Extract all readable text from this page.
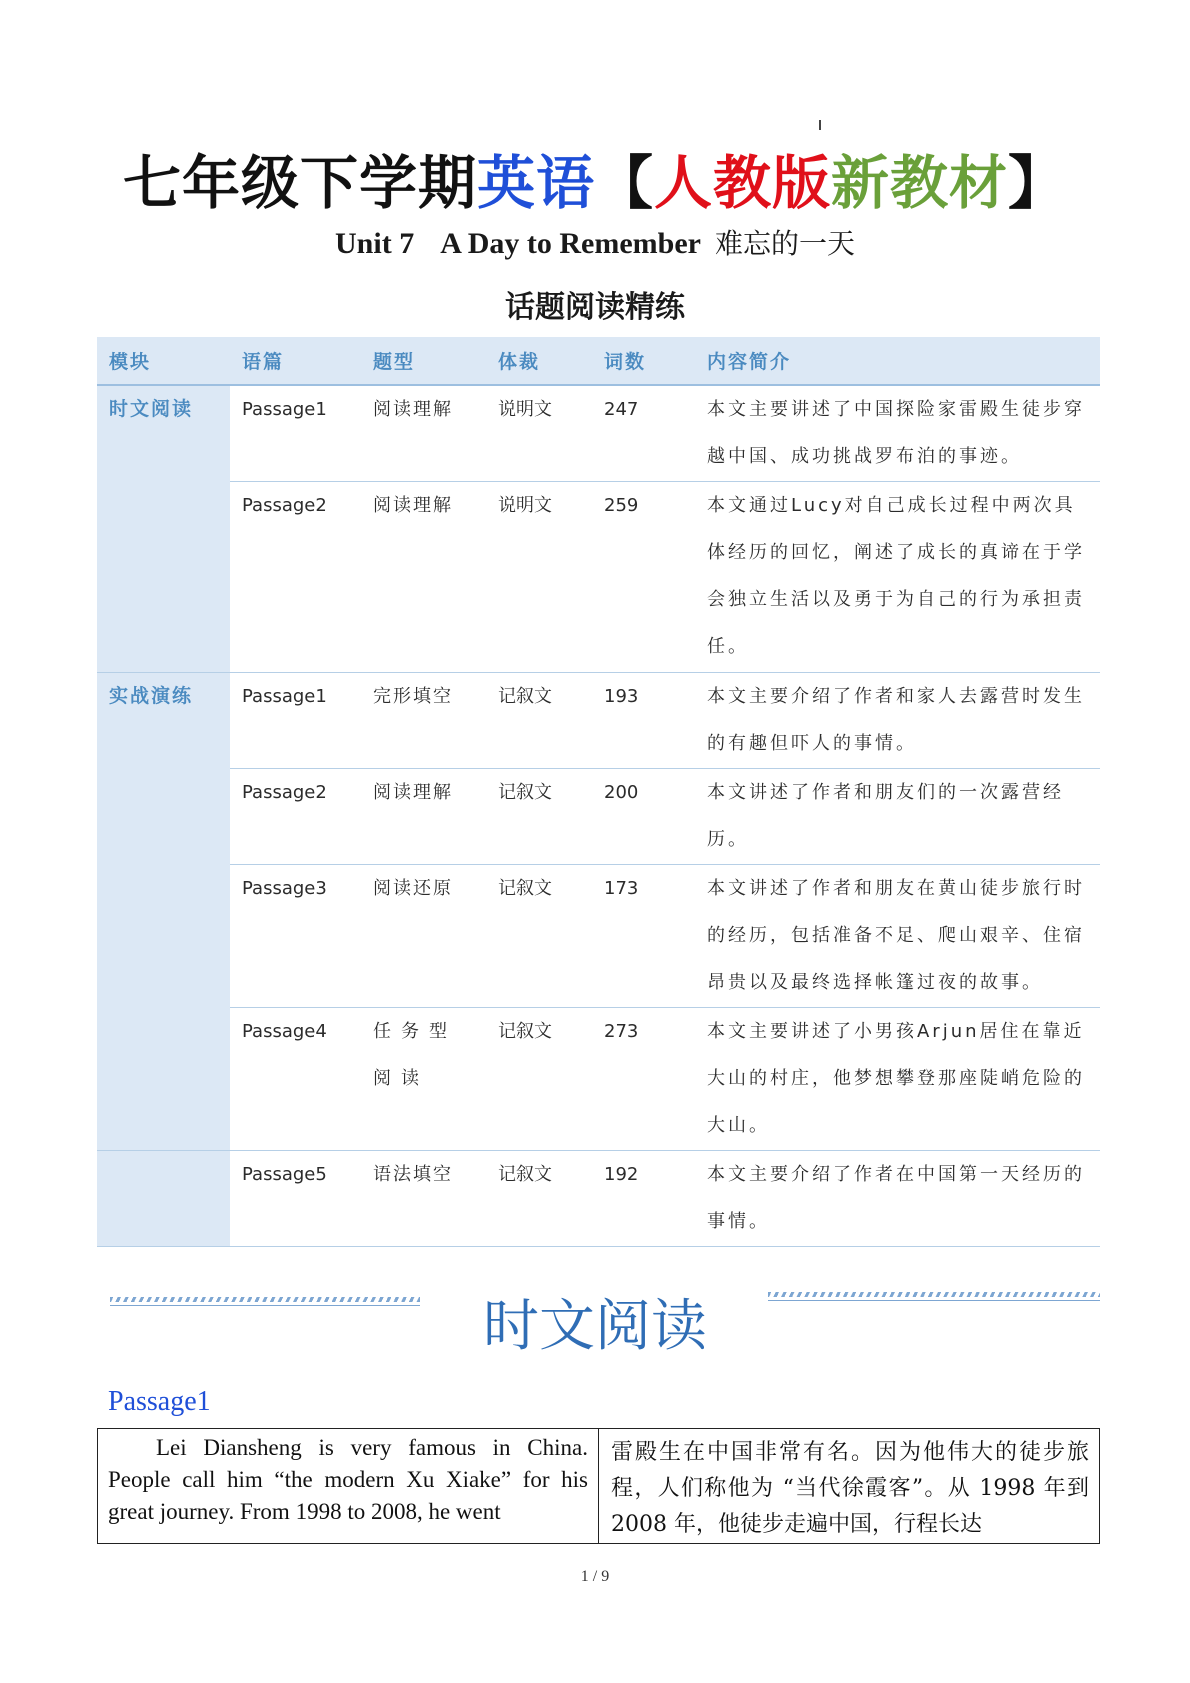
七年级下学期英语【人教版新教材】
Unit 7 A Day to Remember 难忘的一天
话题阅读精练
模块	语篇	题型	体裁	词数	内容简介

时文阅读	Passage1	阅读理解	说明文	247	本文主要讲述了中国探险家雷殿生徒步穿越中国、成功挑战罗布泊的事迹。

	Passage2	阅读理解	说明文	259	本文通过Lucy对自己成长过程中两次具体经历的回忆，阐述了成长的真谛在于学会独立生活以及勇于为自己的行为承担责任。

实战演练	Passage1	完形填空	记叙文	193	本文主要介绍了作者和家人去露营时发生的有趣但吓人的事情。

	Passage2	阅读理解	记叙文	200	本文讲述了作者和朋友们的一次露营经历。

	Passage3	阅读还原	记叙文	173	本文讲述了作者和朋友在黄山徒步旅行时的经历，包括准备不足、爬山艰辛、住宿昂贵以及最终选择帐篷过夜的故事。

	Passage4	任务型阅读	记叙文	273	本文主要讲述了小男孩Arjun居住在靠近大山的村庄，他梦想攀登那座陡峭危险的大山。

	Passage5	语法填空	记叙文	192	本文主要介绍了作者在中国第一天经历的事情。
时文阅读
Passage1
Lei Diansheng is very famous in China. People call him “the modern Xu Xiake” for his great journey. From 1998 to 2008, he went
雷殿生在中国非常有名。因为他伟大的徒步旅程，人们称他为 “当代徐霞客”。从 1998 年到 2008 年，他徒步走遍中国，行程长达
1 / 9
